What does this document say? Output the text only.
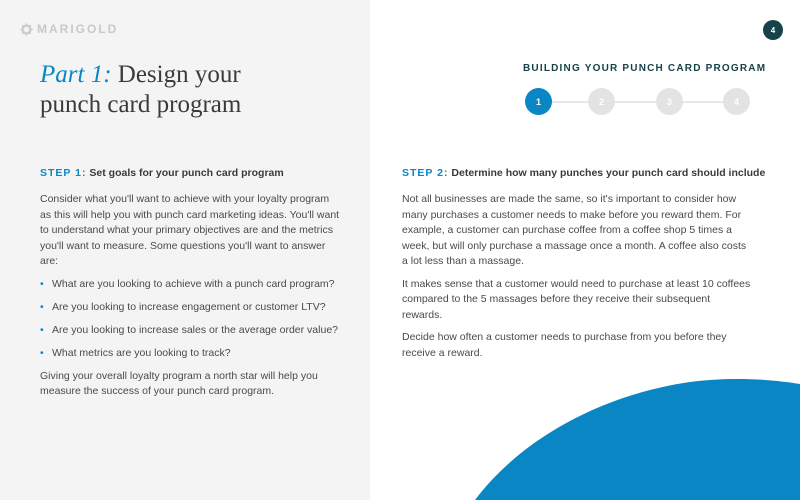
MARIGOLD
Part 1: Design your
punch card program
STEP 1: Set goals for your punch card program

Consider what you'll want to achieve with your loyalty program as this will help you with punch card marketing ideas. You'll want to understand what your primary objectives are and the metrics you'll want to measure. Some questions you'll want to answer are:

• What are you looking to achieve with a punch card program?
• Are you looking to increase engagement or customer LTV?
• Are you looking to increase sales or the average order value?
• What metrics are you looking to track?

Giving your overall loyalty program a north star will help you measure the success of your punch card program.

4
BUILDING YOUR PUNCH CARD PROGRAM
1	2	3	4
STEP 2: Determine how many punches your punch card should include

Not all businesses are made the same, so it's important to consider how many purchases a customer needs to make before you reward them. For example, a customer can purchase coffee from a coffee shop 5 times a week, but will only purchase a massage once a month. A coffee also costs a lot less than a massage.

It makes sense that a customer would need to purchase at least 10 coffees compared to the 5 massages before they receive their subsequent rewards.

Decide how often a customer needs to purchase from you before they receive a reward.
